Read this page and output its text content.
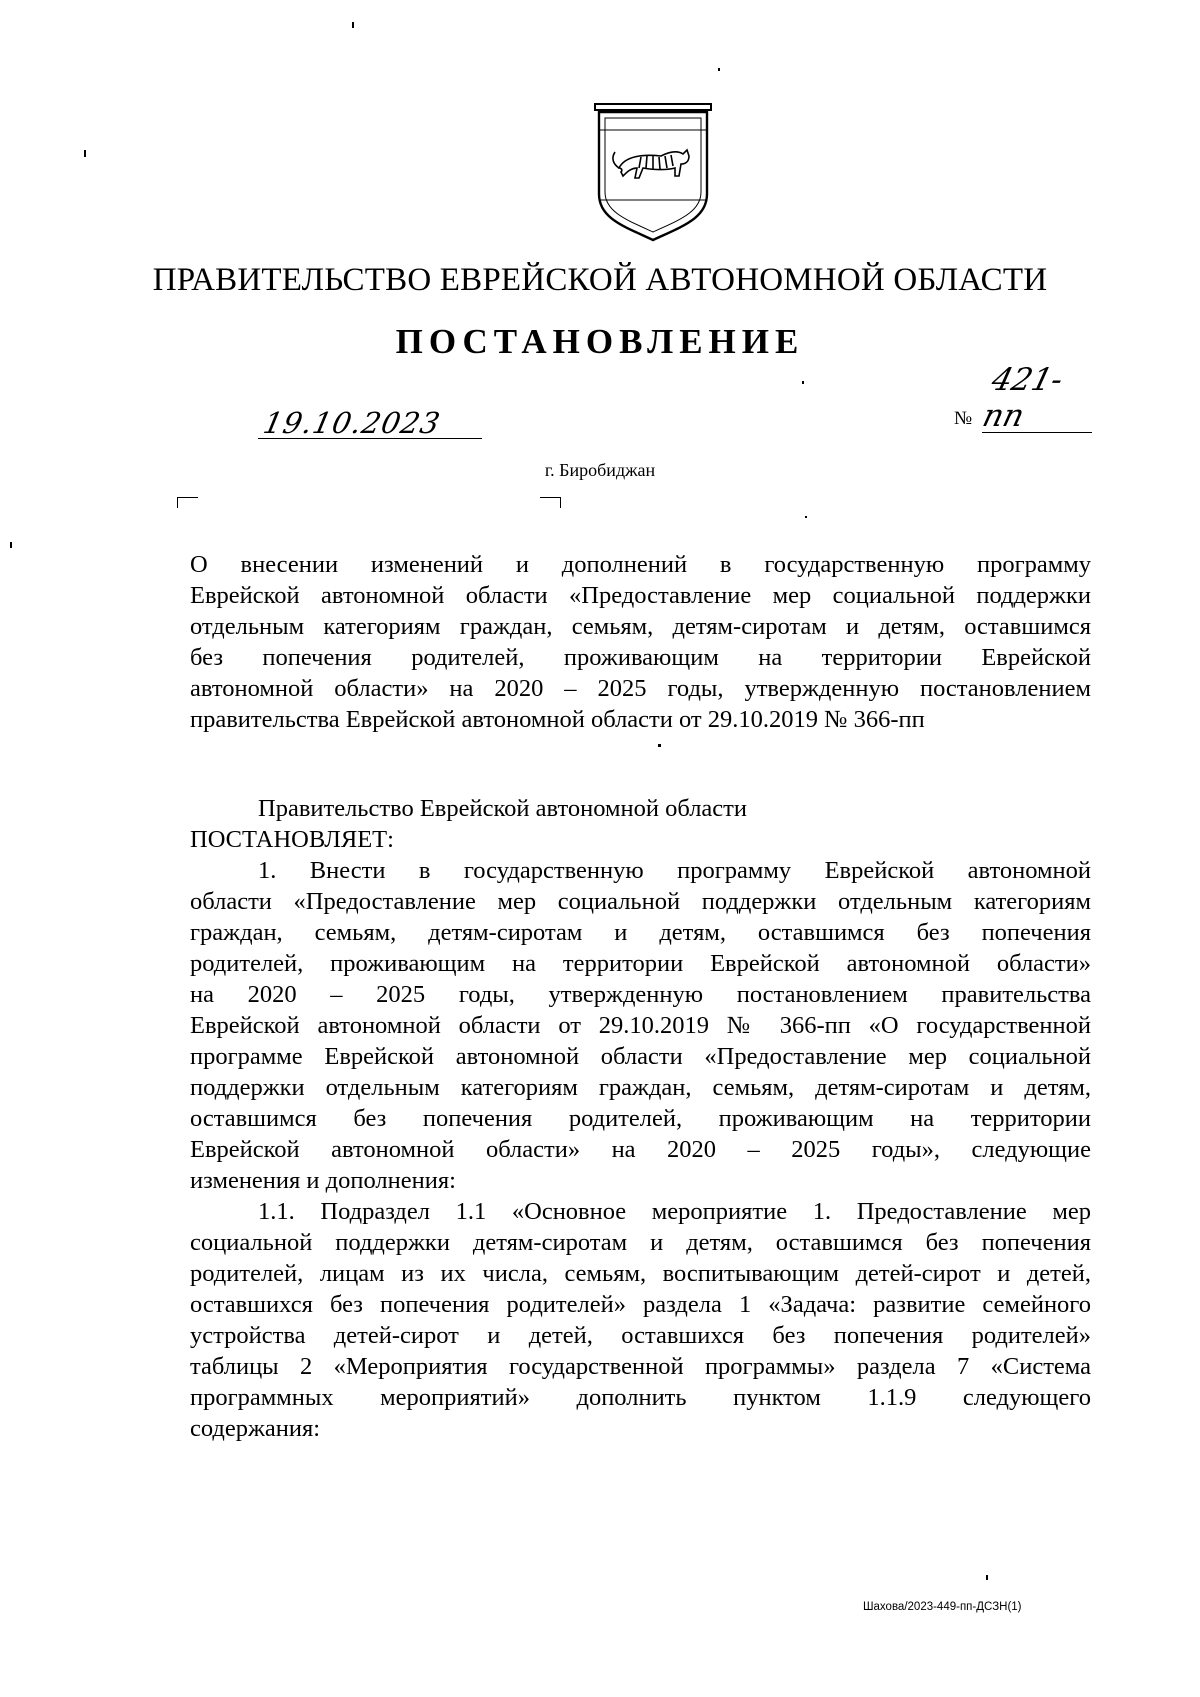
ПРАВИТЕЛЬСТВО ЕВРЕЙСКОЙ АВТОНОМНОЙ ОБЛАСТИ
ПОСТАНОВЛЕНИЕ
19.10.2023	№
421-пп
г. Биробиджан
О внесении изменений и дополнений в государственную программу
Еврейской автономной области «Предоставление мер социальной поддержки
отдельным категориям граждан, семьям, детям-сиротам и детям, оставшимся
без попечения родителей, проживающим на территории Еврейской
автономной области» на 2020 – 2025 годы, утвержденную постановлением
правительства Еврейской автономной области от 29.10.2019 № 366-пп
Правительство Еврейской автономной области
ПОСТАНОВЛЯЕТ:
1. Внести в государственную программу Еврейской автономной
области «Предоставление мер социальной поддержки отдельным категориям
граждан, семьям, детям-сиротам и детям, оставшимся без попечения
родителей, проживающим на территории Еврейской автономной области»
на 2020 – 2025 годы, утвержденную постановлением правительства
Еврейской автономной области от 29.10.2019 № 366-пп «О государственной
программе Еврейской автономной области «Предоставление мер социальной
поддержки отдельным категориям граждан, семьям, детям-сиротам и детям,
оставшимся без попечения родителей, проживающим на территории
Еврейской автономной области» на 2020 – 2025 годы», следующие
изменения и дополнения:
1.1. Подраздел 1.1 «Основное мероприятие 1. Предоставление мер
социальной поддержки детям-сиротам и детям, оставшимся без попечения
родителей, лицам из их числа, семьям, воспитывающим детей-сирот и детей,
оставшихся без попечения родителей» раздела 1 «Задача: развитие семейного
устройства детей-сирот и детей, оставшихся без попечения родителей»
таблицы 2 «Мероприятия государственной программы» раздела 7 «Система
программных мероприятий» дополнить пунктом 1.1.9 следующего
содержания:
Шахова/2023-449-пп-ДСЗН(1)
